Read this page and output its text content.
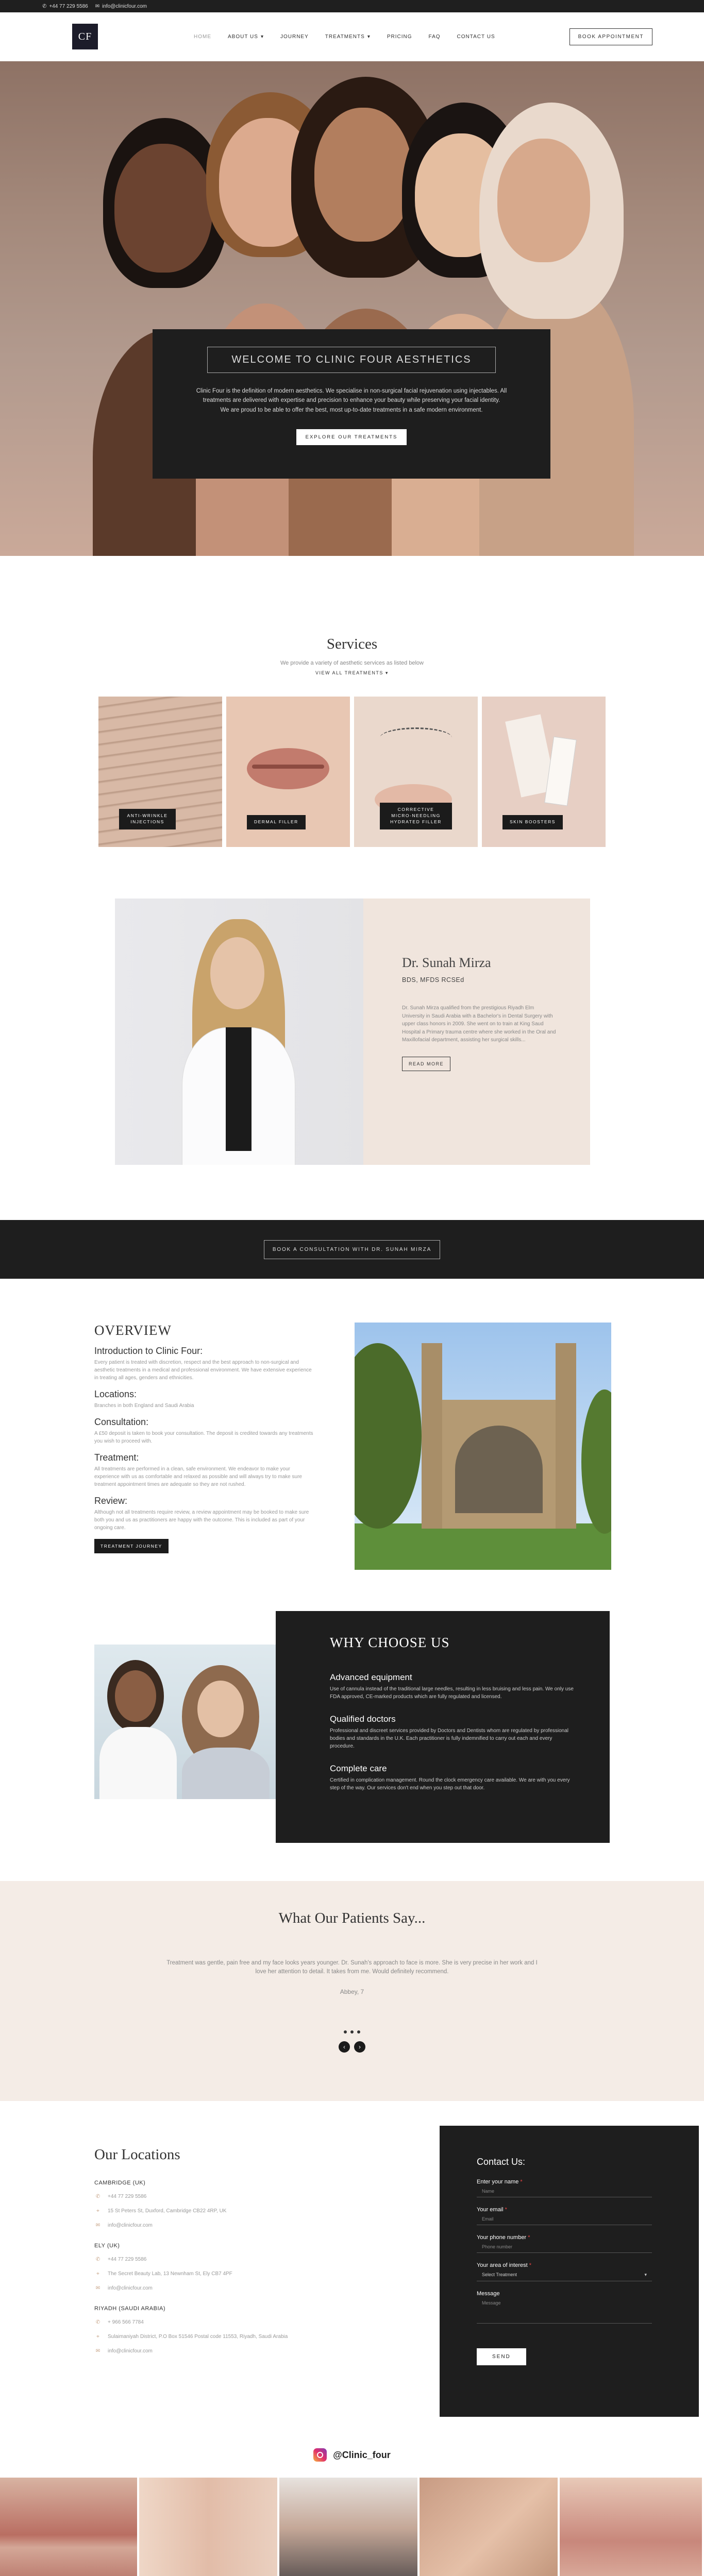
✆ +44 77 229 5586 ✉ info@clinicfour.com
CF	HOME	ABOUT US ▾	JOURNEY	TREATMENTS ▾	PRICING	FAQ	CONTACT US	BOOK APPOINTMENT
WELCOME TO CLINIC FOUR AESTHETICS

Clinic Four is the definition of modern aesthetics. We specialise in non-surgical facial rejuvenation using injectables. All treatments are delivered with expertise and precision to enhance your beauty while preserving your facial identity.

We are proud to be able to offer the best, most up-to-date treatments in a safe modern environment.

EXPLORE OUR TREATMENTS
Services
We provide a variety of aesthetic services as listed below
VIEW ALL TREATMENTS ▾
ANTI-WRINKLE INJECTIONS	DERMAL FILLER
CORRECTIVE MICRO-NEEDLING HYDRATED FILLER	SKIN BOOSTERS
Dr. Sunah Mirza
BDS, MFDS RCSEd
Dr. Sunah Mirza qualified from the prestigious Riyadh Elm University in Saudi Arabia with a Bachelor's in Dental Surgery with upper class honors in 2009. She went on to train at King Saud Hospital a Primary trauma centre where she worked in the Oral and Maxillofacial department, assisting her surgical skills...
READ MORE
BOOK A CONSULTATION WITH DR. SUNAH MIRZA
OVERVIEW
Introduction to Clinic Four:

Every patient is treated with discretion, respect and the best approach to non-surgical and aesthetic treatments in a medical and professional environment. We have extensive experience in treating all ages, genders and ethnicities.

Locations:

Branches in both England and Saudi Arabia

Consultation:

A £50 deposit is taken to book your consultation. The deposit is credited towards any treatments you wish to proceed with.

Treatment:

All treatments are performed in a clean, safe environment. We endeavor to make your experience with us as comfortable and relaxed as possible and will always try to make sure treatment appointment times are adequate so they are not rushed.

Review:

Although not all treatments require review, a review appointment may be booked to make sure both you and us as practitioners are happy with the outcome. This is included as part of your ongoing care.

TREATMENT JOURNEY
WHY CHOOSE US
Advanced equipment

Use of cannula instead of the traditional large needles, resulting in less bruising and less pain. We only use FDA approved, CE-marked products which are fully regulated and licensed.

Qualified doctors

Professional and discreet services provided by Doctors and Dentists whom are regulated by professional bodies and standards in the U.K. Each practitioner is fully indemnified to carry out each and every procedure.

Complete care

Certified in complication management. Round the clock emergency care available. We are with you every step of the way. Our services don't end when you step out that door.

What Our Patients Say...
Treatment was gentle, pain free and my face looks years younger. Dr. Sunah's approach to face is more. She is very precise in her work and I love her attention to detail. It takes from me. Would definitely recommend.
Abbey, 7
‹	›
Our Locations
CAMBRIDGE (UK)
✆ +44 77 229 5586
⌖	15 St Peters St, Duxford, Cambridge CB22 4RP, UK
✉ info@clinicfour.com
ELY (UK)
✆ +44 77 229 5586
⌖	The Secret Beauty Lab, 13 Newnham St, Ely CB7 4PF
✉ info@clinicfour.com
RIYADH (SAUDI ARABIA)
✆ + 966 566 7784
⌖	Sulaimaniyah District, P.O Box 51546 Postal code 11553, Riyadh, Saudi Arabia
✉ info@clinicfour.com
Contact Us:
Enter your name *
Name
Your email *
Email
Your phone number *
Phone number
Your area of interest *
Select Treatment	▾
Message
Message
SEND
@Clinic_four
